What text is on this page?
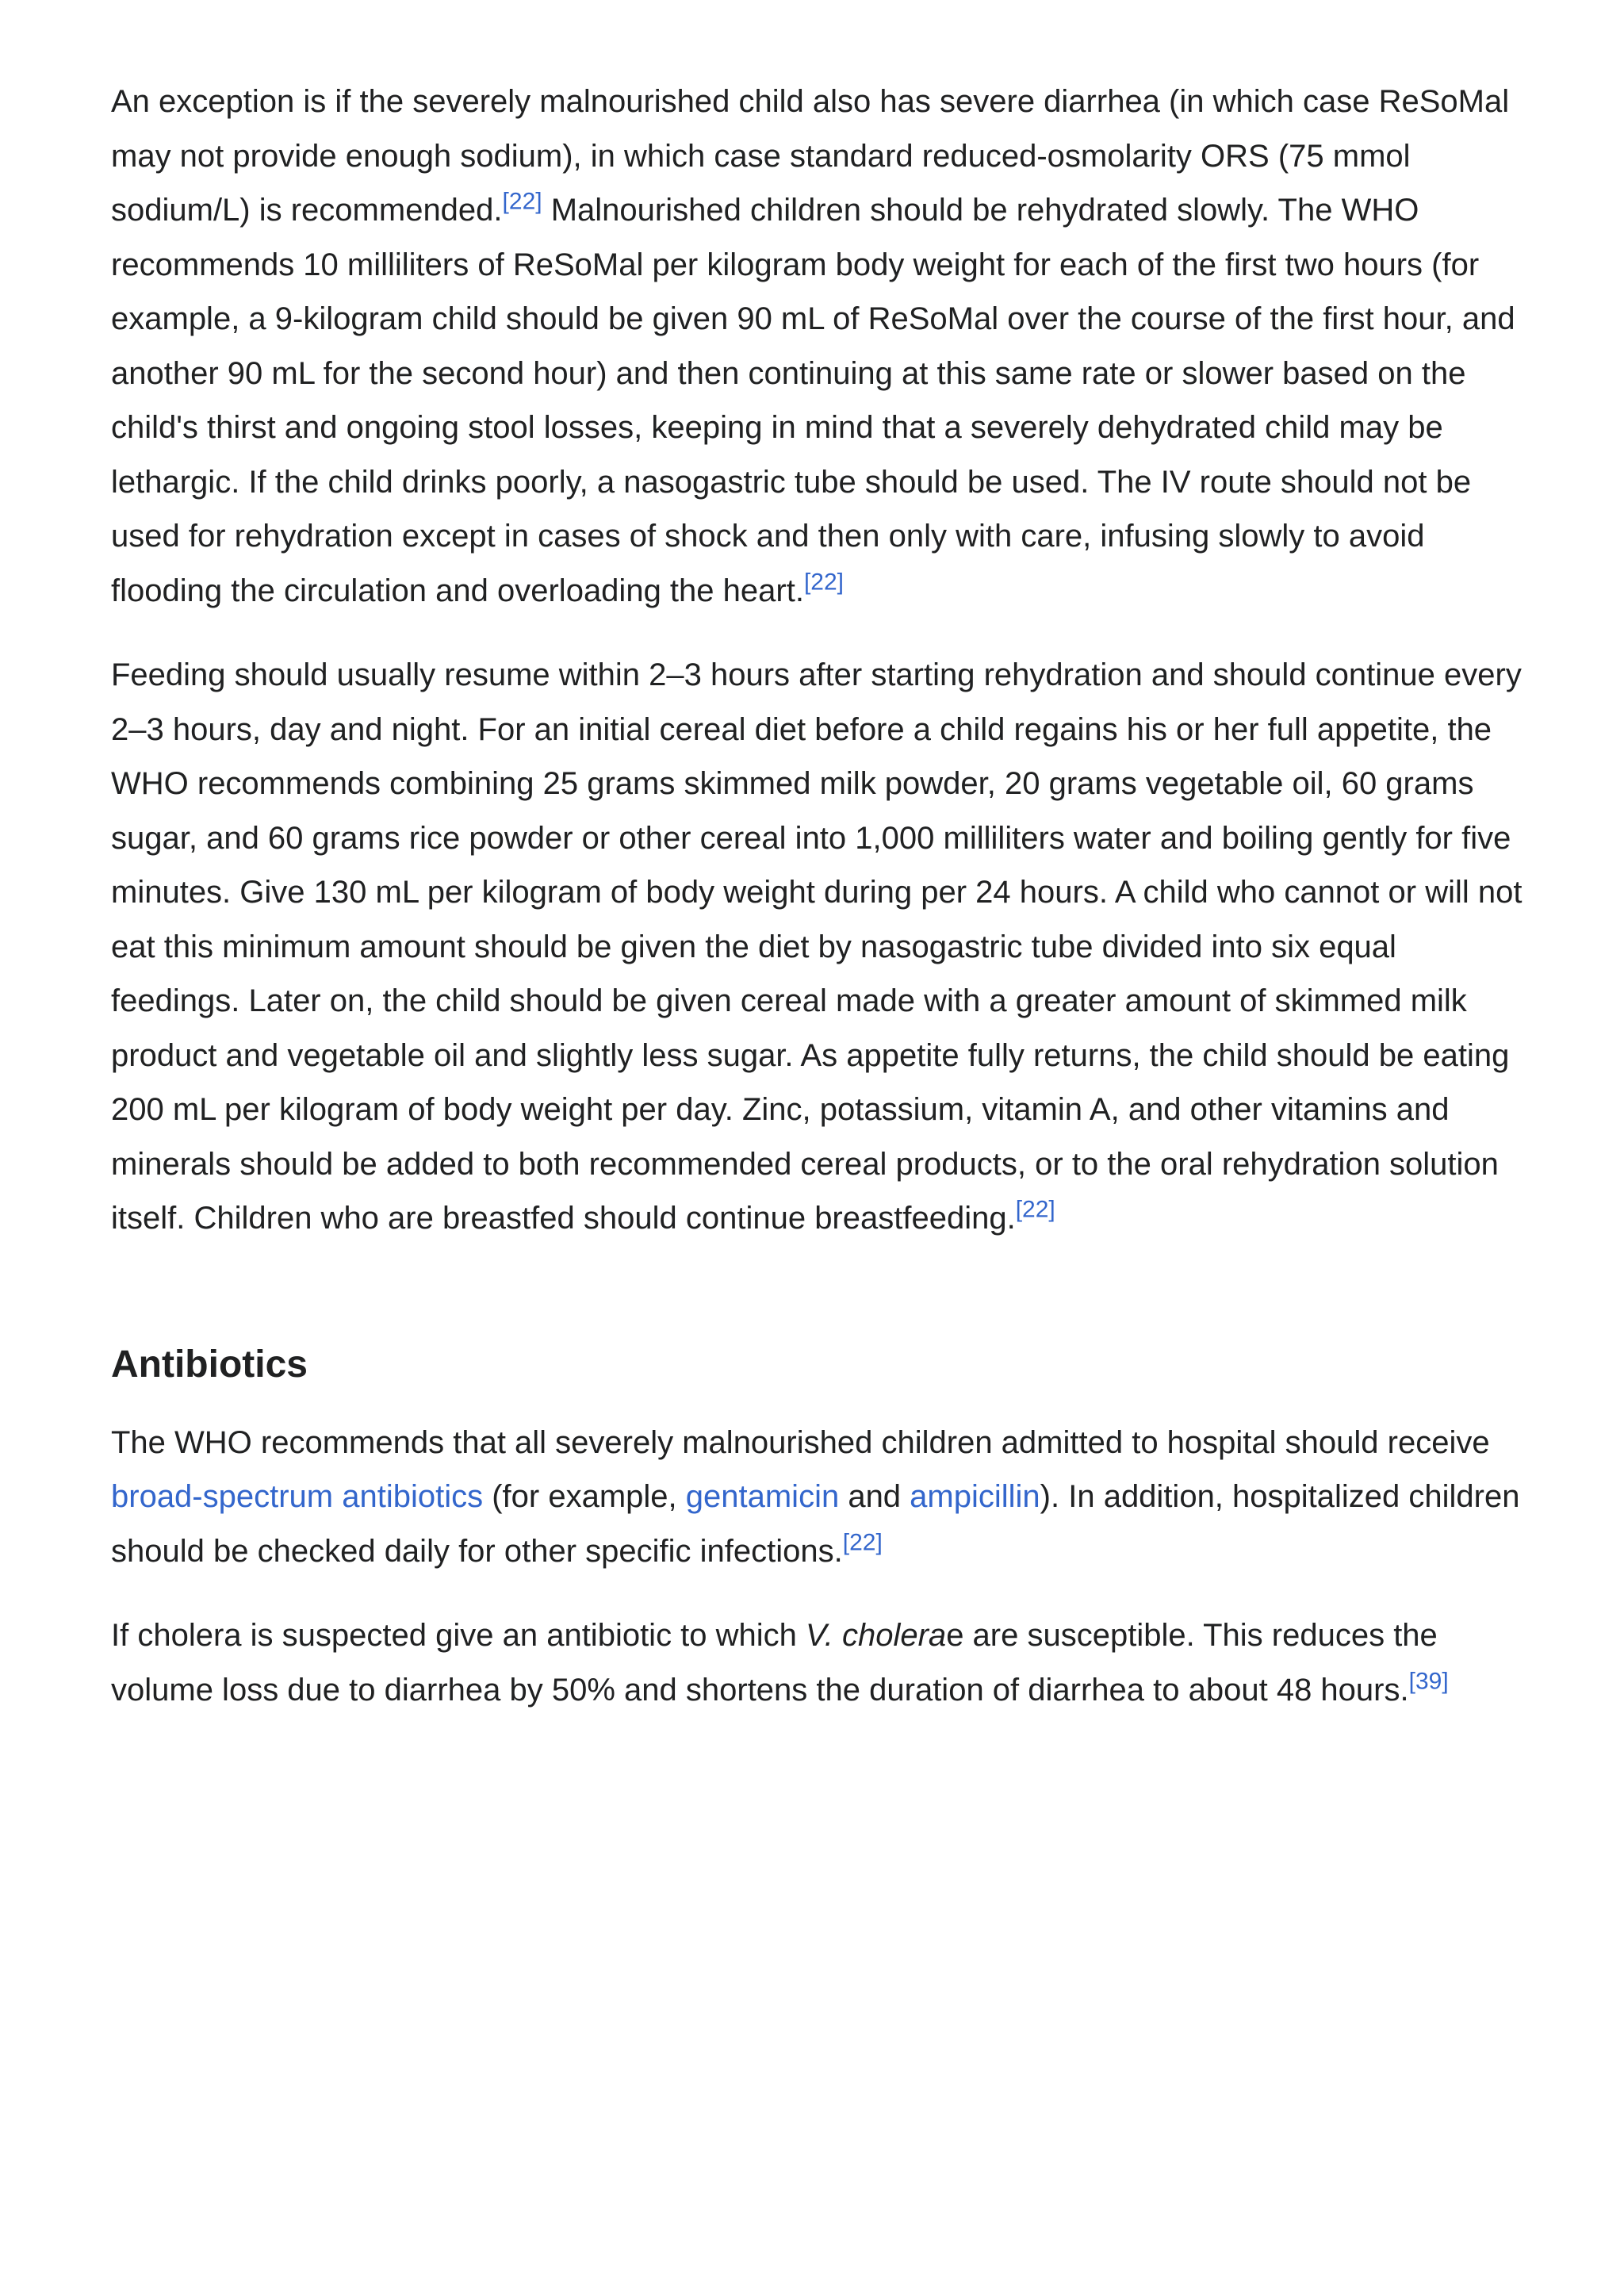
An exception is if the severely malnourished child also has severe diarrhea (in which case ReSoMal may not provide enough sodium), in which case standard reduced-osmolarity ORS (75 mmol sodium/L) is recommended.[22] Malnourished children should be rehydrated slowly. The WHO recommends 10 milliliters of ReSoMal per kilogram body weight for each of the first two hours (for example, a 9-kilogram child should be given 90 mL of ReSoMal over the course of the first hour, and another 90 mL for the second hour) and then continuing at this same rate or slower based on the child's thirst and ongoing stool losses, keeping in mind that a severely dehydrated child may be lethargic. If the child drinks poorly, a nasogastric tube should be used. The IV route should not be used for rehydration except in cases of shock and then only with care, infusing slowly to avoid flooding the circulation and overloading the heart.[22]

Feeding should usually resume within 2–3 hours after starting rehydration and should continue every 2–3 hours, day and night. For an initial cereal diet before a child regains his or her full appetite, the WHO recommends combining 25 grams skimmed milk powder, 20 grams vegetable oil, 60 grams sugar, and 60 grams rice powder or other cereal into 1,000 milliliters water and boiling gently for five minutes. Give 130 mL per kilogram of body weight during per 24 hours. A child who cannot or will not eat this minimum amount should be given the diet by nasogastric tube divided into six equal feedings. Later on, the child should be given cereal made with a greater amount of skimmed milk product and vegetable oil and slightly less sugar. As appetite fully returns, the child should be eating 200 mL per kilogram of body weight per day. Zinc, potassium, vitamin A, and other vitamins and minerals should be added to both recommended cereal products, or to the oral rehydration solution itself. Children who are breastfed should continue breastfeeding.[22]

Antibiotics

The WHO recommends that all severely malnourished children admitted to hospital should receive broad-spectrum antibiotics (for example, gentamicin and ampicillin). In addition, hospitalized children should be checked daily for other specific infections.[22]

If cholera is suspected give an antibiotic to which V. cholerae are susceptible. This reduces the volume loss due to diarrhea by 50% and shortens the duration of diarrhea to about 48 hours.[39]
